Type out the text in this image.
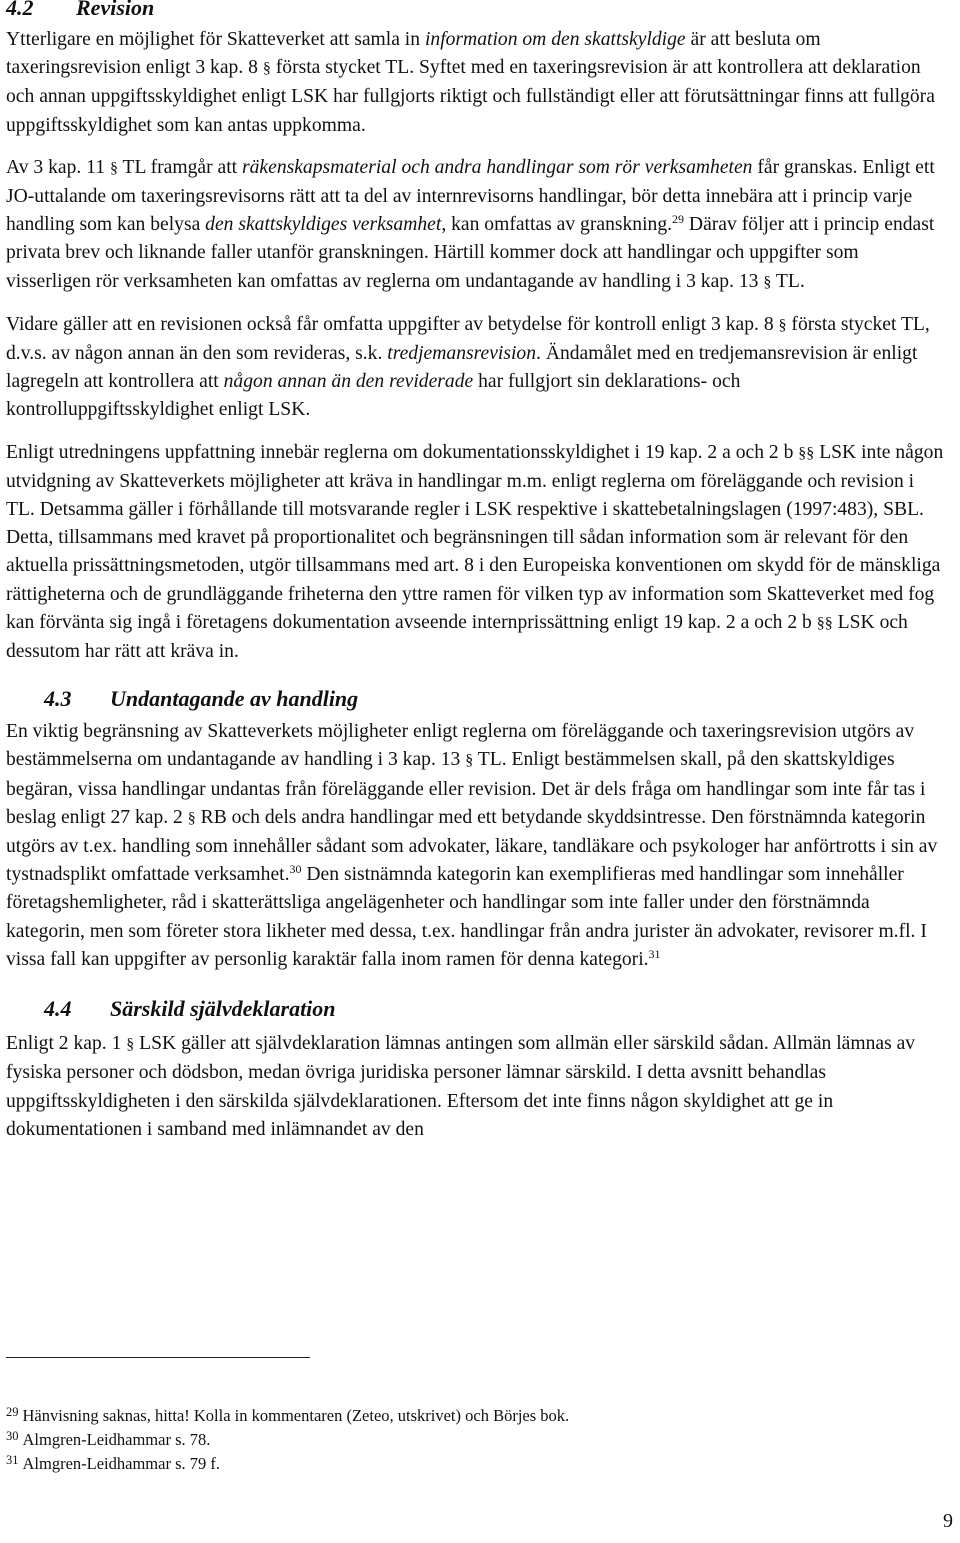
4.2 Revision

Ytterligare en möjlighet för Skatteverket att samla in information om den skattskyldige är att besluta om taxeringsrevision enligt 3 kap. 8 § första stycket TL. Syftet med en taxeringsrevision är att kontrollera att deklaration och annan uppgiftsskyldighet enligt LSK har fullgjorts riktigt och fullständigt eller att förutsättningar finns att fullgöra uppgiftsskyldighet som kan antas uppkomma.

Av 3 kap. 11 § TL framgår att räkenskapsmaterial och andra handlingar som rör verksamheten får granskas. Enligt ett JO-uttalande om taxeringsrevisorns rätt att ta del av internrevisorns handlingar, bör detta innebära att i princip varje handling som kan belysa den skattskyldiges verksamhet, kan omfattas av granskning.$^{29}$ Därav följer att i princip endast privata brev och liknande faller utanför granskningen. Härtill kommer dock att handlingar och uppgifter som visserligen rör verksamheten kan omfattas av reglerna om undantagande av handling i 3 kap. 13 § TL.

Vidare gäller att en revisionen också får omfatta uppgifter av betydelse för kontroll enligt 3 kap. 8 § första stycket TL, d.v.s. av någon annan än den som revideras, s.k. tredjemansrevision. Ändamålet med en tredjemansrevision är enligt lagregeln att kontrollera att någon annan än den reviderade har fullgjort sin deklarations- och kontrolluppgiftsskyldighet enligt LSK.

Enligt utredningens uppfattning innebär reglerna om dokumentationsskyldighet i 19 kap. 2 a och 2 b §§ LSK inte någon utvidgning av Skatteverkets möjligheter att kräva in handlingar m.m. enligt reglerna om föreläggande och revision i TL. Detsamma gäller i förhållande till motsvarande regler i LSK respektive i skattebetalningslagen (1997:483), SBL. Detta, tillsammans med kravet på proportionalitet och begränsningen till sådan information som är relevant för den aktuella prissättningsmetoden, utgör tillsammans med art. 8 i den Europeiska konventionen om skydd för de mänskliga rättigheterna och de grundläggande friheterna den yttre ramen för vilken typ av information som Skatteverket med fog kan förvänta sig ingå i företagens dokumentation avseende internprissättning enligt 19 kap. 2 a och 2 b §§ LSK och dessutom har rätt att kräva in.

4.3 Undantagande av handling

En viktig begränsning av Skatteverkets möjligheter enligt reglerna om föreläggande och taxeringsrevision utgörs av bestämmelserna om undantagande av handling i 3 kap. 13 § TL. Enligt bestämmelsen skall, på den skattskyldiges begäran, vissa handlingar undantas från föreläggande eller revision. Det är dels fråga om handlingar som inte får tas i beslag enligt 27 kap. 2 § RB och dels andra handlingar med ett betydande skyddsintresse. Den förstnämnda kategorin utgörs av t.ex. handling som innehåller sådant som advokater, läkare, tandläkare och psykologer har anförtrotts i sin av tystnadsplikt omfattade verksamhet.$^{30}$ Den sistnämnda kategorin kan exemplifieras med handlingar som innehåller företagshemligheter, råd i skatterättsliga angelägenheter och handlingar som inte faller under den förstnämnda kategorin, men som företer stora likheter med dessa, t.ex. handlingar från andra jurister än advokater, revisorer m.fl. I vissa fall kan uppgifter av personlig karaktär falla inom ramen för denna kategori.$^{31}$

4.4 Särskild självdeklaration

Enligt 2 kap. 1 § LSK gäller att självdeklaration lämnas antingen som allmän eller särskild sådan. Allmän lämnas av fysiska personer och dödsbon, medan övriga juridiska personer lämnar särskild. I detta avsnitt behandlas uppgiftsskyldigheten i den särskilda självdeklarationen. Eftersom det inte finns någon skyldighet att ge in dokumentationen i samband med inlämnandet av den

$^{29}$ Hänvisning saknas, hitta! Kolla in kommentaren (Zeteo, utskrivet) och Börjes bok.
$^{30}$ Almgren-Leidhammar s. 78.
$^{31}$ Almgren-Leidhammar s. 79 f.
9
